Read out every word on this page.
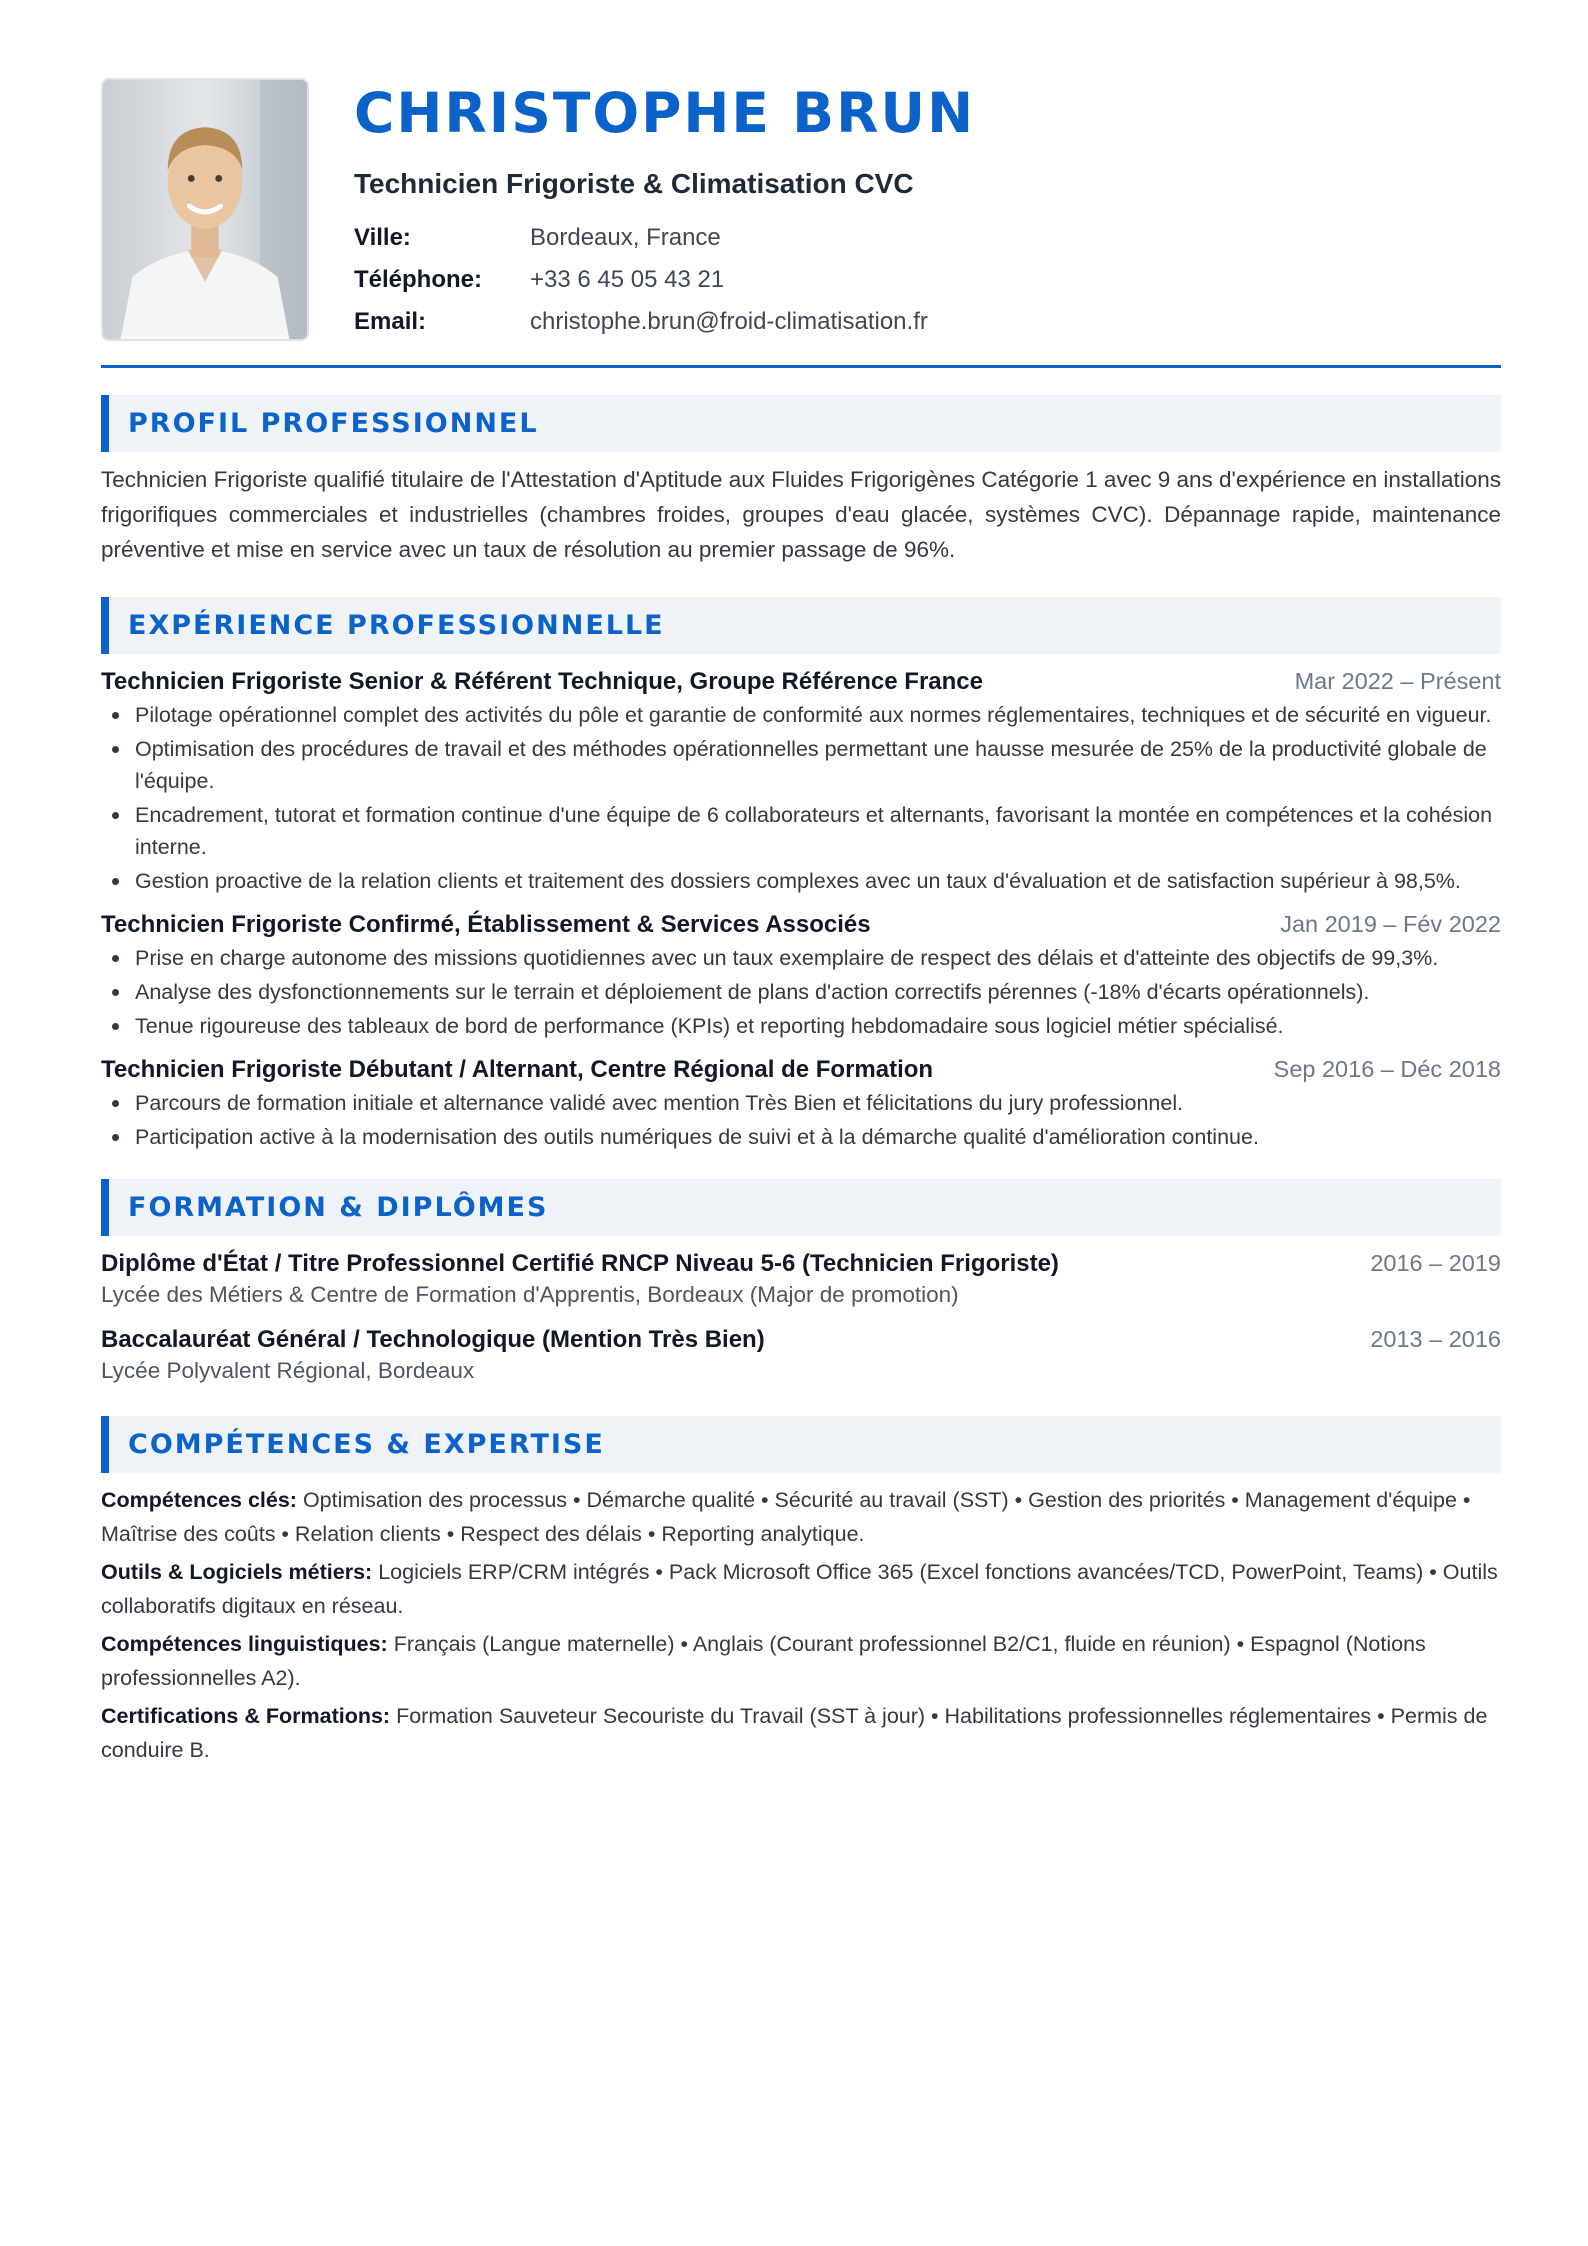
CHRISTOPHE BRUN
Technicien Frigoriste & Climatisation CVC
Ville:	Bordeaux, France
Téléphone:	+33 6 45 05 43 21
Email:	christophe.brun@froid-climatisation.fr
PROFIL PROFESSIONNEL

Technicien Frigoriste qualifié titulaire de l'Attestation d'Aptitude aux Fluides Frigorigènes Catégorie 1 avec 9 ans d'expérience en installations frigorifiques commerciales et industrielles (chambres froides, groupes d'eau glacée, systèmes CVC). Dépannage rapide, maintenance préventive et mise en service avec un taux de résolution au premier passage de 96%.

EXPÉRIENCE PROFESSIONNELLE
Technicien Frigoriste Senior & Référent Technique, Groupe Référence France	Mar 2022 – Présent
Pilotage opérationnel complet des activités du pôle et garantie de conformité aux normes réglementaires, techniques et de sécurité en vigueur.
Optimisation des procédures de travail et des méthodes opérationnelles permettant une hausse mesurée de 25% de la productivité globale de l'équipe.
Encadrement, tutorat et formation continue d'une équipe de 6 collaborateurs et alternants, favorisant la montée en compétences et la cohésion interne.
Gestion proactive de la relation clients et traitement des dossiers complexes avec un taux d'évaluation et de satisfaction supérieur à 98,5%.
Technicien Frigoriste Confirmé, Établissement & Services Associés	Jan 2019 – Fév 2022
Prise en charge autonome des missions quotidiennes avec un taux exemplaire de respect des délais et d'atteinte des objectifs de 99,3%.
Analyse des dysfonctionnements sur le terrain et déploiement de plans d'action correctifs pérennes (-18% d'écarts opérationnels).
Tenue rigoureuse des tableaux de bord de performance (KPIs) et reporting hebdomadaire sous logiciel métier spécialisé.
Technicien Frigoriste Débutant / Alternant, Centre Régional de Formation	Sep 2016 – Déc 2018
Parcours de formation initiale et alternance validé avec mention Très Bien et félicitations du jury professionnel.
Participation active à la modernisation des outils numériques de suivi et à la démarche qualité d'amélioration continue.
FORMATION & DIPLÔMES
Diplôme d'État / Titre Professionnel Certifié RNCP Niveau 5-6 (Technicien Frigoriste)	2016 – 2019
Lycée des Métiers & Centre de Formation d'Apprentis, Bordeaux (Major de promotion)
Baccalauréat Général / Technologique (Mention Très Bien)	2013 – 2016
Lycée Polyvalent Régional, Bordeaux
COMPÉTENCES & EXPERTISE

Compétences clés: Optimisation des processus • Démarche qualité • Sécurité au travail (SST) • Gestion des priorités • Management d'équipe • Maîtrise des coûts • Relation clients • Respect des délais • Reporting analytique.

Outils & Logiciels métiers: Logiciels ERP/CRM intégrés • Pack Microsoft Office 365 (Excel fonctions avancées/TCD, PowerPoint, Teams) • Outils collaboratifs digitaux en réseau.

Compétences linguistiques: Français (Langue maternelle) • Anglais (Courant professionnel B2/C1, fluide en réunion) • Espagnol (Notions professionnelles A2).

Certifications & Formations: Formation Sauveteur Secouriste du Travail (SST à jour) • Habilitations professionnelles réglementaires • Permis de conduire B.
